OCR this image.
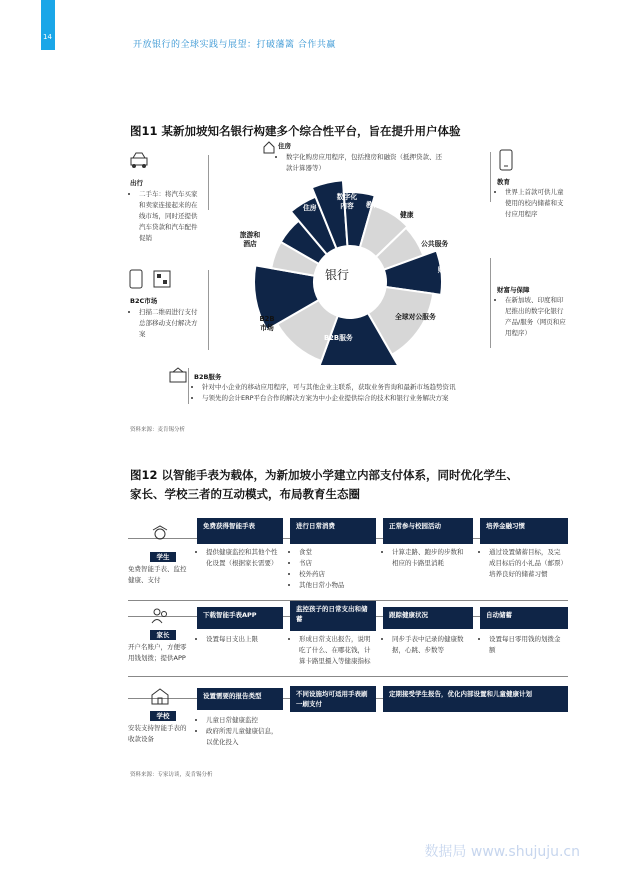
14
开放银行的全球实践与展望：打破藩篱 合作共赢
图11 某新加坡知名银行构建多个综合性平台，旨在提升用户体验
银行
出行
住房
数字化内容	教育
健康
公共服务
财富与保障
全球对公服务
B2B服务
B2B市场
B2C市场
旅游和酒店
住房
• 数字化购房应用程序，包括搜房和融资（抵押贷款、还款计算器等）
出行
• 二手车：将汽车买家和卖家连接起来的在线市场，同时还提供汽车贷款和汽车配件促销
教育
• 世界上首款可供儿童使用的校内储蓄和支付应用程序
B2C市场
• 扫描二维码进行支付总部移动支付解决方案
财富与保障
• 在新加坡、印度和印尼推出的数字化银行产品/服务（网页和应用程序）
B2B服务
• 针对中小企业的移动应用程序，可与其他企业主联系，获取业务咨询和最新市场趋势资讯
• 与领先的会计ERP平台合作的解决方案为中小企业提供综合的技术和银行业务解决方案
资料来源：麦肯锡分析
图12 以智能手表为载体，为新加坡小学建立内部支付体系，同时优化学生、
家长、学校三者的互动模式，布局教育生态圈
学生
免费智能手表、监控健康、支付
家长
开户名账户，方便零用钱划拨；提供APP
学校
安装支持智能手表的收款设备
免费获得智能手表	进行日常消费	正常参与校园活动	培养金融习惯
• 提供健康监控和其他个性化设置（根据家长需要）
• 食堂
• 书店
• 校外药店
• 其他日常小物品
• 计算走路、跑步的步数和相应的卡路里消耗
• 通过设置储蓄目标，及完成目标后的小礼品（邮票）培养良好的储蓄习惯
下载智能手表APP
监控孩子的日常支出和储蓄	跟踪健康状况	自动储蓄
• 设置每日支出上限
•	形成日常支出报告，说明吃了什么、在哪花钱，计算卡路里摄入等健康指标
• 同步手表中记录的健康数据，心跳、步数等
• 设置每日零用钱的划拨金额
设置需要的报告类型	不同设施均可适用手表刷一刷支付
定期接受学生报告，优化内部设置和儿童健康计划
• 儿童日常健康监控
• 政府所需儿童健康信息，以优化投入
资料来源：专家访谈，麦肯锡分析
数据局 www.shujuju.cn
